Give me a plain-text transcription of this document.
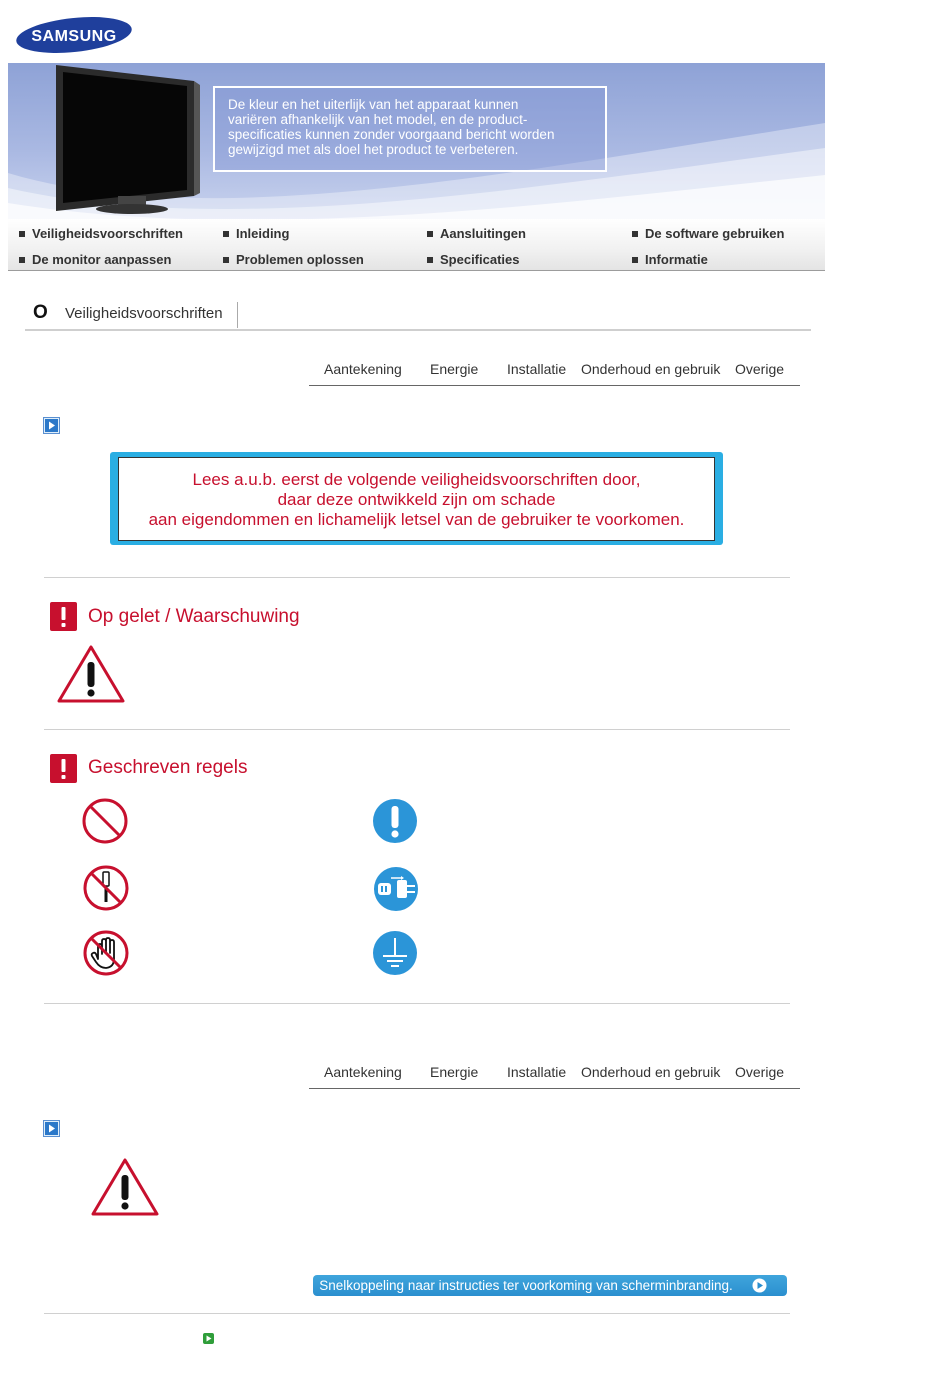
SAMSUNG
De kleur en het uiterlijk van het apparaat kunnen
variëren afhankelijk van het model, en de product-
specificaties kunnen zonder voorgaand bericht worden
gewijzigd met als doel het product te verbeteren.
Veiligheidsvoorschriften	Inleiding	Aansluitingen	De software gebruiken
De monitor aanpassen	Problemen oplossen	Specificaties	Informatie
O Veiligheidsvoorschriften
Aantekening Energie Installatie Onderhoud en gebruik Overige
Lees a.u.b. eerst de volgende veiligheidsvoorschriften door,
daar deze ontwikkeld zijn om schade
aan eigendommen en lichamelijk letsel van de gebruiker te voorkomen.
Op gelet / Waarschuwing
Geschreven regels
Aantekening Energie Installatie Onderhoud en gebruik Overige
Snelkoppeling naar instructies ter voorkoming van scherminbranding.
